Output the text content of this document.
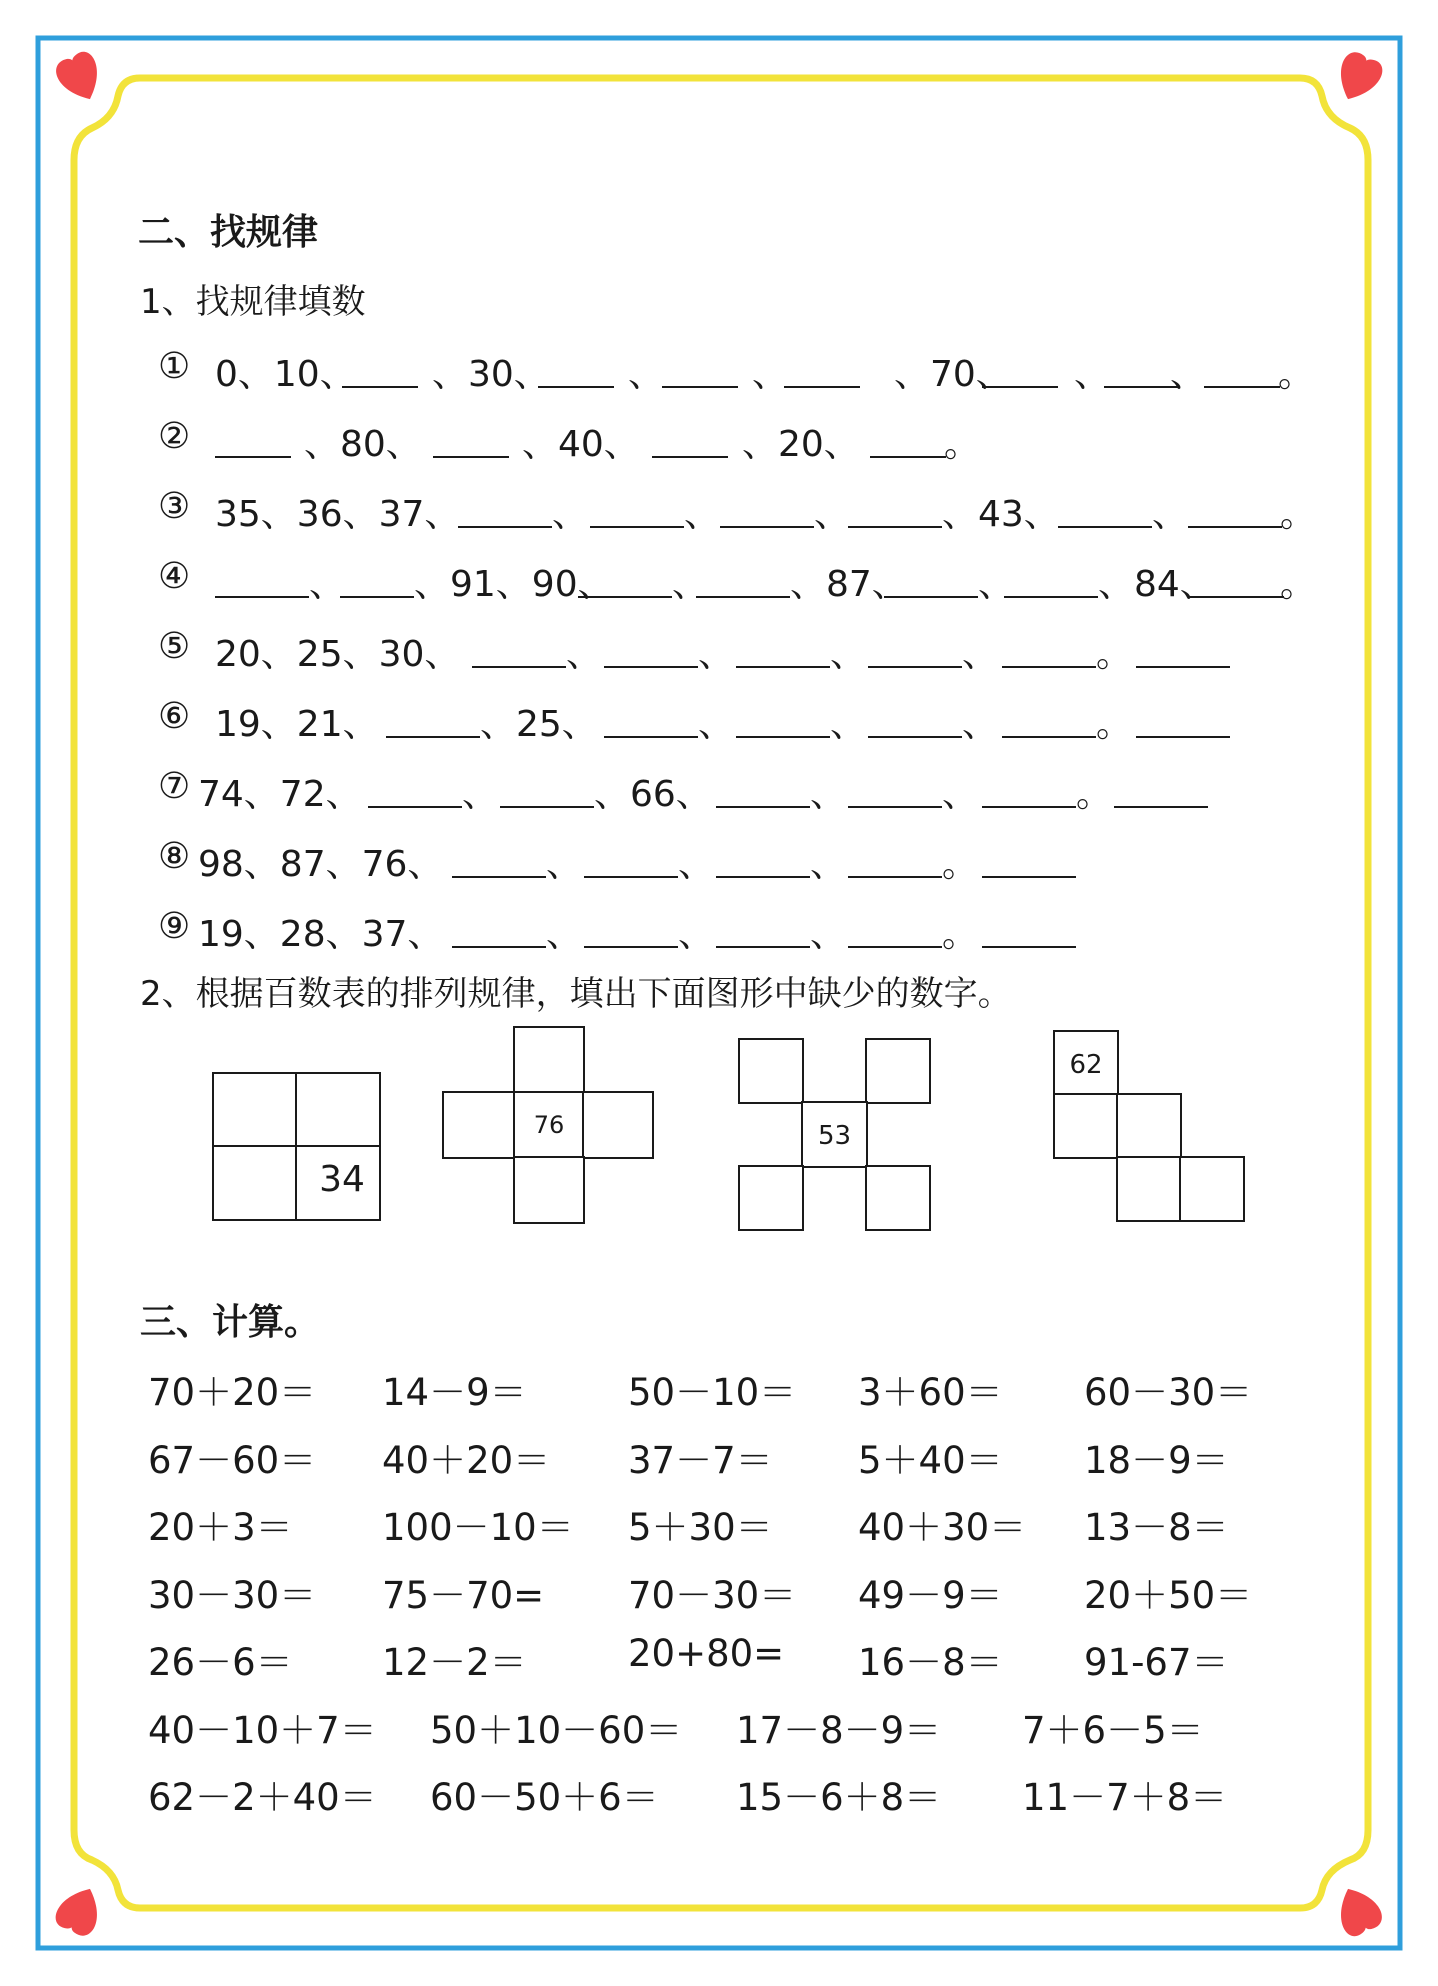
二、找规律
1、找规律填数
① 0、10、 、30、 、 、	、70、 、 、 。
②	、80、	、40、	、20、 。
③ 35、36、37、	、	、	、	、43、	、	。
④	、 、91、90、 、 、87、 、 、84、 。
⑤ 20、25、30、	、	、	、	、	。
⑥ 19、21、	、25、	、	、	、	。
⑦ 74、72、	、	、66、	、	、	。
⑧ 98、87、76、	、	、	、	。
⑨ 19、28、37、	、	、	、	。
2、根据百数表的排列规律，填出下面图形中缺少的数字。
34
76	53
62
三、计算。
70＋20＝ 14－9＝	50－10＝ 3＋60＝ 60－30＝
67－60＝ 40＋20＝ 37－7＝ 5＋40＝ 18－9＝
20＋3＝ 100－10＝ 5＋30＝ 40＋30＝ 13－8＝
30－30＝ 75－70= 70－30＝ 49－9＝ 20＋50＝
26－6＝ 12－2＝	20+80= 16－8＝ 91-67＝
40－10＋7＝ 50＋10－60＝ 17－8－9＝ 7＋6－5＝
62－2＋40＝ 60－50＋6＝ 15－6＋8＝ 11－7＋8＝
